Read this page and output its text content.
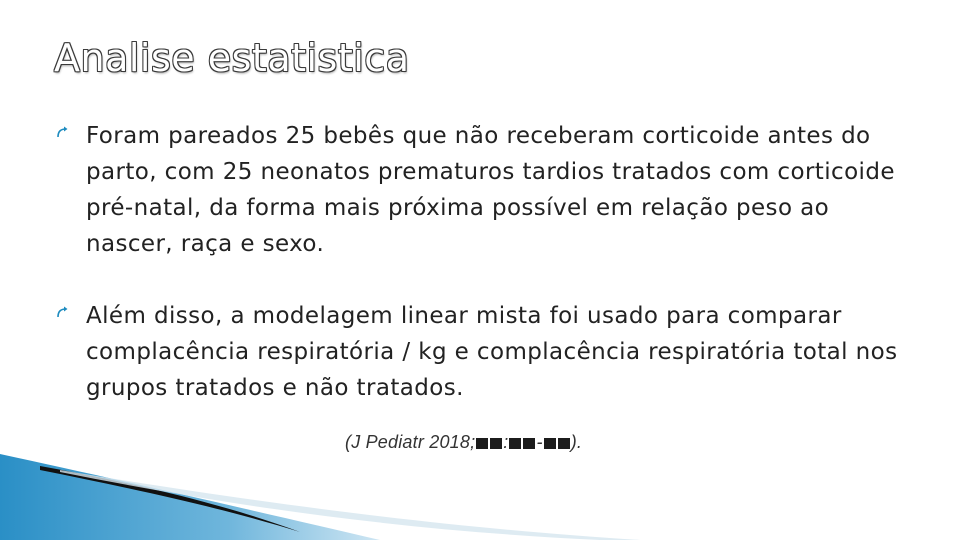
Analise estatistica
Foram pareados 25 bebês que não receberam corticoide antes do parto, com 25 neonatos prematuros tardios tratados com corticoide pré-natal, da forma mais próxima possível em relação peso ao nascer, raça e sexo.
Além disso, a modelagem linear mista foi usado para comparar complacência respiratória / kg e complacência respiratória total nos grupos tratados e não tratados.
(J Pediatr 2018; : - ).
